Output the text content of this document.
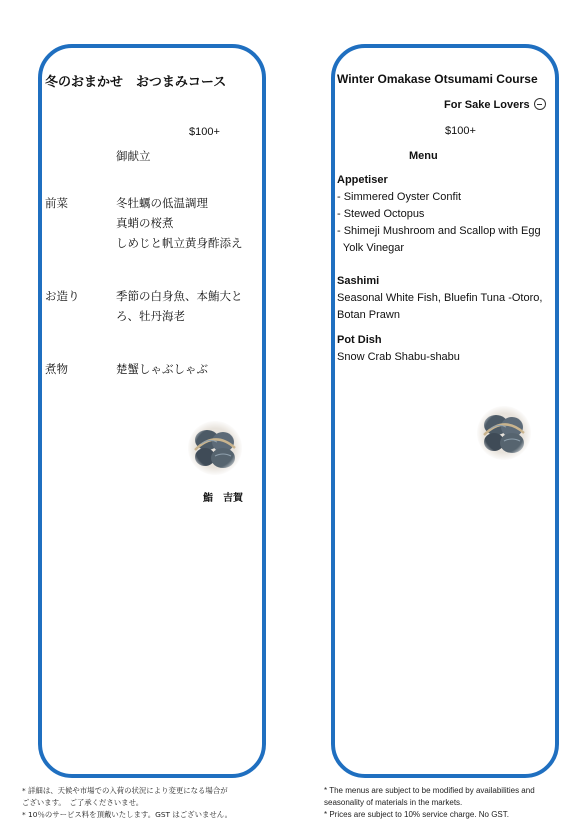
冬のおまかせ　おつまみコース
$100+
御献立
前菜	冬牡蠣の低温調理
真蛸の桜煮
しめじと帆立黄身酢添え
お造り	季節の白身魚、本鮪大と
ろ、牡丹海老
煮物	楚蟹しゃぶしゃぶ
鮨　吉賀
* 詳細は、天候や市場での入荷の状況により変更になる場合が
ございます。　ご了承くださいませ。
* 10％のサービス料を頂戴いたします。GST はございません。
Winter Omakase Otsumami Course
For Sake Lovers
$100+
Menu
Appetiser
- Simmered Oyster Confit
- Stewed Octopus
- Shimeji Mushroom and Scallop with Egg
Yolk Vinegar
Sashimi
Seasonal White Fish, Bluefin Tuna -Otoro,
Botan Prawn
Pot Dish
Snow Crab Shabu-shabu
* The menus are subject to be modified by availabilities and
seasonality of materials in the markets.
* Prices are subject to 10% service charge. No GST.
